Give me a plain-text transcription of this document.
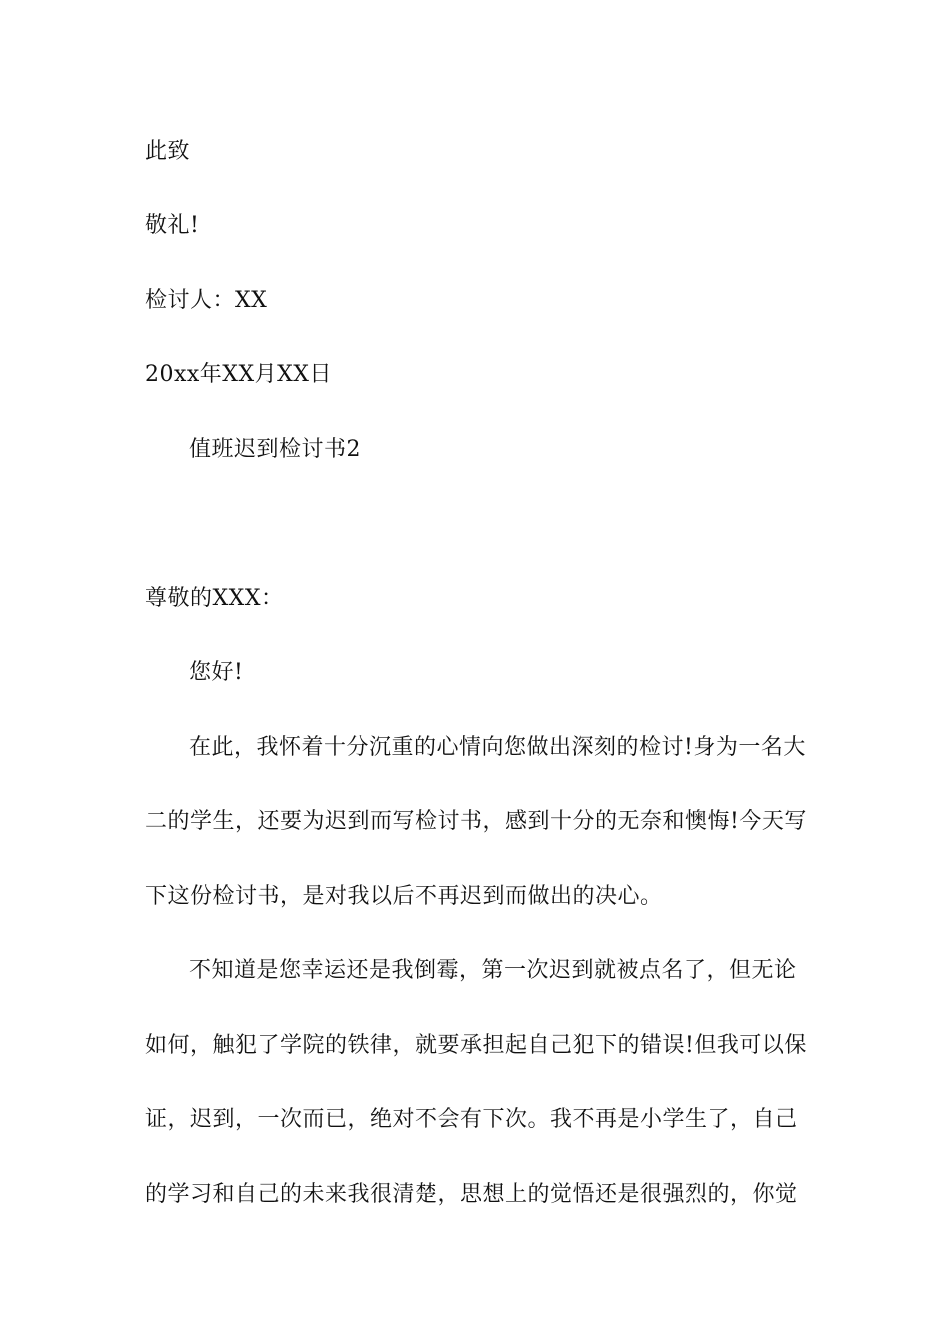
此致
敬礼!
检讨人：XX
20xx年XX月XX日
值班迟到检讨书2
尊敬的XXX：
您好!
在此，我怀着十分沉重的心情向您做出深刻的检讨!身为一名大
二的学生，还要为迟到而写检讨书，感到十分的无奈和懊悔!今天写
下这份检讨书，是对我以后不再迟到而做出的决心。
不知道是您幸运还是我倒霉，第一次迟到就被点名了，但无论
如何，触犯了学院的铁律，就要承担起自己犯下的错误!但我可以保
证，迟到，一次而已，绝对不会有下次。我不再是小学生了，自己
的学习和自己的未来我很清楚，思想上的觉悟还是很强烈的，你觉
